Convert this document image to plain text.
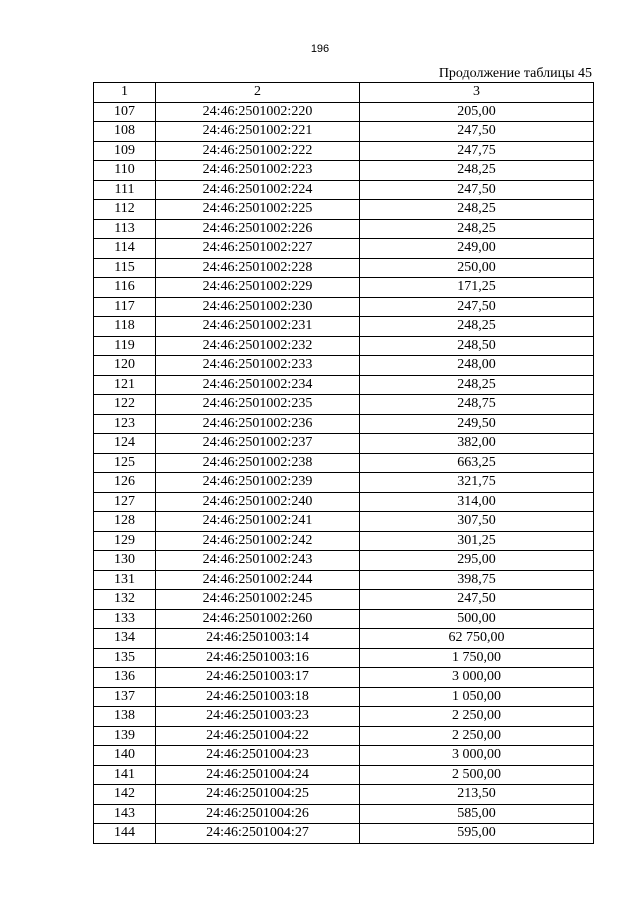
196
Продолжение таблицы 45
1	2	3
107	24:46:2501002:220	205,00
108	24:46:2501002:221	247,50
109	24:46:2501002:222	247,75
110	24:46:2501002:223	248,25
111	24:46:2501002:224	247,50
112	24:46:2501002:225	248,25
113	24:46:2501002:226	248,25
114	24:46:2501002:227	249,00
115	24:46:2501002:228	250,00
116	24:46:2501002:229	171,25
117	24:46:2501002:230	247,50
118	24:46:2501002:231	248,25
119	24:46:2501002:232	248,50
120	24:46:2501002:233	248,00
121	24:46:2501002:234	248,25
122	24:46:2501002:235	248,75
123	24:46:2501002:236	249,50
124	24:46:2501002:237	382,00
125	24:46:2501002:238	663,25
126	24:46:2501002:239	321,75
127	24:46:2501002:240	314,00
128	24:46:2501002:241	307,50
129	24:46:2501002:242	301,25
130	24:46:2501002:243	295,00
131	24:46:2501002:244	398,75
132	24:46:2501002:245	247,50
133	24:46:2501002:260	500,00
134	24:46:2501003:14	62 750,00
135	24:46:2501003:16	1 750,00
136	24:46:2501003:17	3 000,00
137	24:46:2501003:18	1 050,00
138	24:46:2501003:23	2 250,00
139	24:46:2501004:22	2 250,00
140	24:46:2501004:23	3 000,00
141	24:46:2501004:24	2 500,00
142	24:46:2501004:25	213,50
143	24:46:2501004:26	585,00
144	24:46:2501004:27	595,00
